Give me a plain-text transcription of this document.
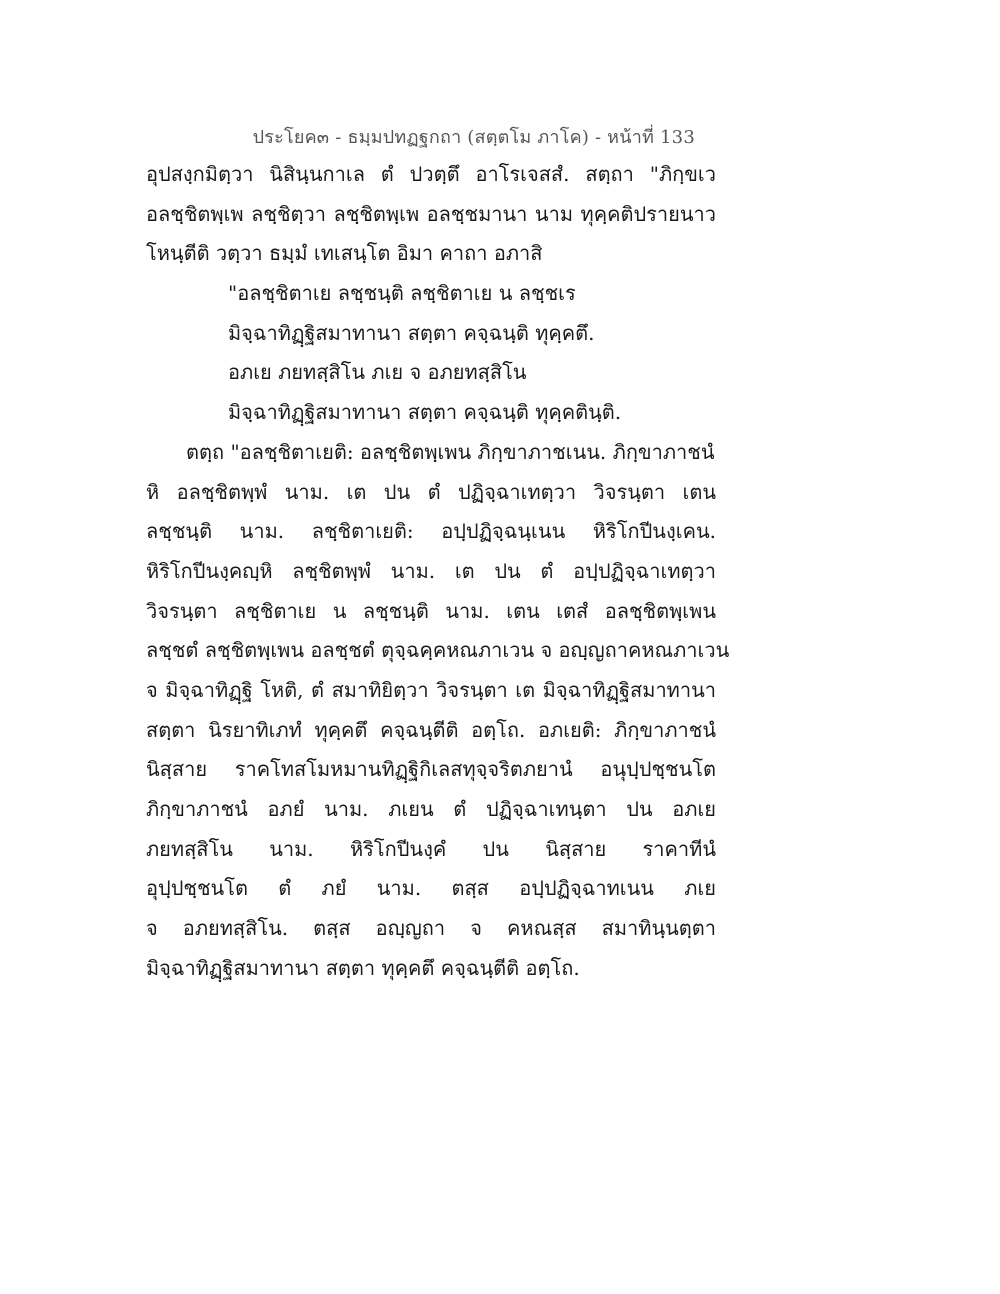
ประโยค๓ - ธมฺมปทฏฐกถา (สตฺตโม ภาโค) - หน้าที่ 133
อุปสงฺกมิตฺวา นิสินฺนกาเล ตํ ปวตฺตึ อาโรเจสสํ. สตฺถา "ภิกฺขเว
อลชฺชิตพฺเพ ลชฺชิตฺวา ลชฺชิตพฺเพ อลชฺชมานา นาม ทุคฺคติปรายนาว
โหนฺตีติ วตฺวา ธมฺมํ เทเสนฺโต อิมา คาถา อภาสิ
"อลชฺชิตาเย ลชฺชนฺติ ลชฺชิตาเย น ลชฺชเร
มิจฺฉาทิฏฺฐิสมาทานา สตฺตา คจฺฉนฺติ ทุคฺคตึ.
อภเย ภยทสฺสิโน ภเย จ อภยทสฺสิโน
มิจฺฉาทิฏฺฐิสมาทานา สตฺตา คจฺฉนฺติ ทุคฺคตินฺติ.
ตตฺถ "อลชฺชิตาเยติ: อลชฺชิตพฺเพน ภิกฺขาภาชเนน. ภิกฺขาภาชนํ
หิ อลชฺชิตพฺพํ นาม. เต ปน ตํ ปฏิจฺฉาเทตฺวา วิจรนฺตา เตน
ลชฺชนฺติ นาม. ลชฺชิตาเยติ: อปฺปฏิจฺฉนฺเนน หิริโกปีนงฺเคน.
หิริโกปีนงฺคญฺหิ ลชฺชิตพฺพํ นาม. เต ปน ตํ อปฺปฏิจฺฉาเทตฺวา
วิจรนฺตา ลชฺชิตาเย น ลชฺชนฺติ นาม. เตน เตสํ อลชฺชิตพฺเพน
ลชฺชตํ ลชฺชิตพฺเพน อลชฺชตํ ตุจฺฉคฺคหณภาเวน จ อญฺญถาคหณภาเวน
จ มิจฺฉาทิฏฺฐิ โหติ, ตํ สมาทิยิตฺวา วิจรนฺตา เต มิจฺฉาทิฏฺฐิสมาทานา
สตฺตา นิรยาทิเภทํ ทุคฺคตึ คจฺฉนฺตีติ อตฺโถ. อภเยติ: ภิกฺขาภาชนํ
นิสฺสาย ราคโทสโมหมานทิฏฺฐิกิเลสทุจฺจริตภยานํ อนุปฺปชฺชนโต
ภิกฺขาภาชนํ อภยํ นาม. ภเยน ตํ ปฏิจฺฉาเทนฺตา ปน อภเย
ภยทสฺสิโน นาม. หิริโกปีนงฺคํ ปน นิสฺสาย ราคาทีนํ
อุปฺปชฺชนโต ตํ ภยํ นาม. ตสฺส อปฺปฏิจฺฉาทเนน ภเย
จ อภยทสฺสิโน. ตสฺส อญฺญถา จ คหณสฺส สมาทินฺนตฺตา
มิจฺฉาทิฏฺฐิสมาทานา สตฺตา ทุคฺคตึ คจฺฉนฺตีติ อตฺโถ.
